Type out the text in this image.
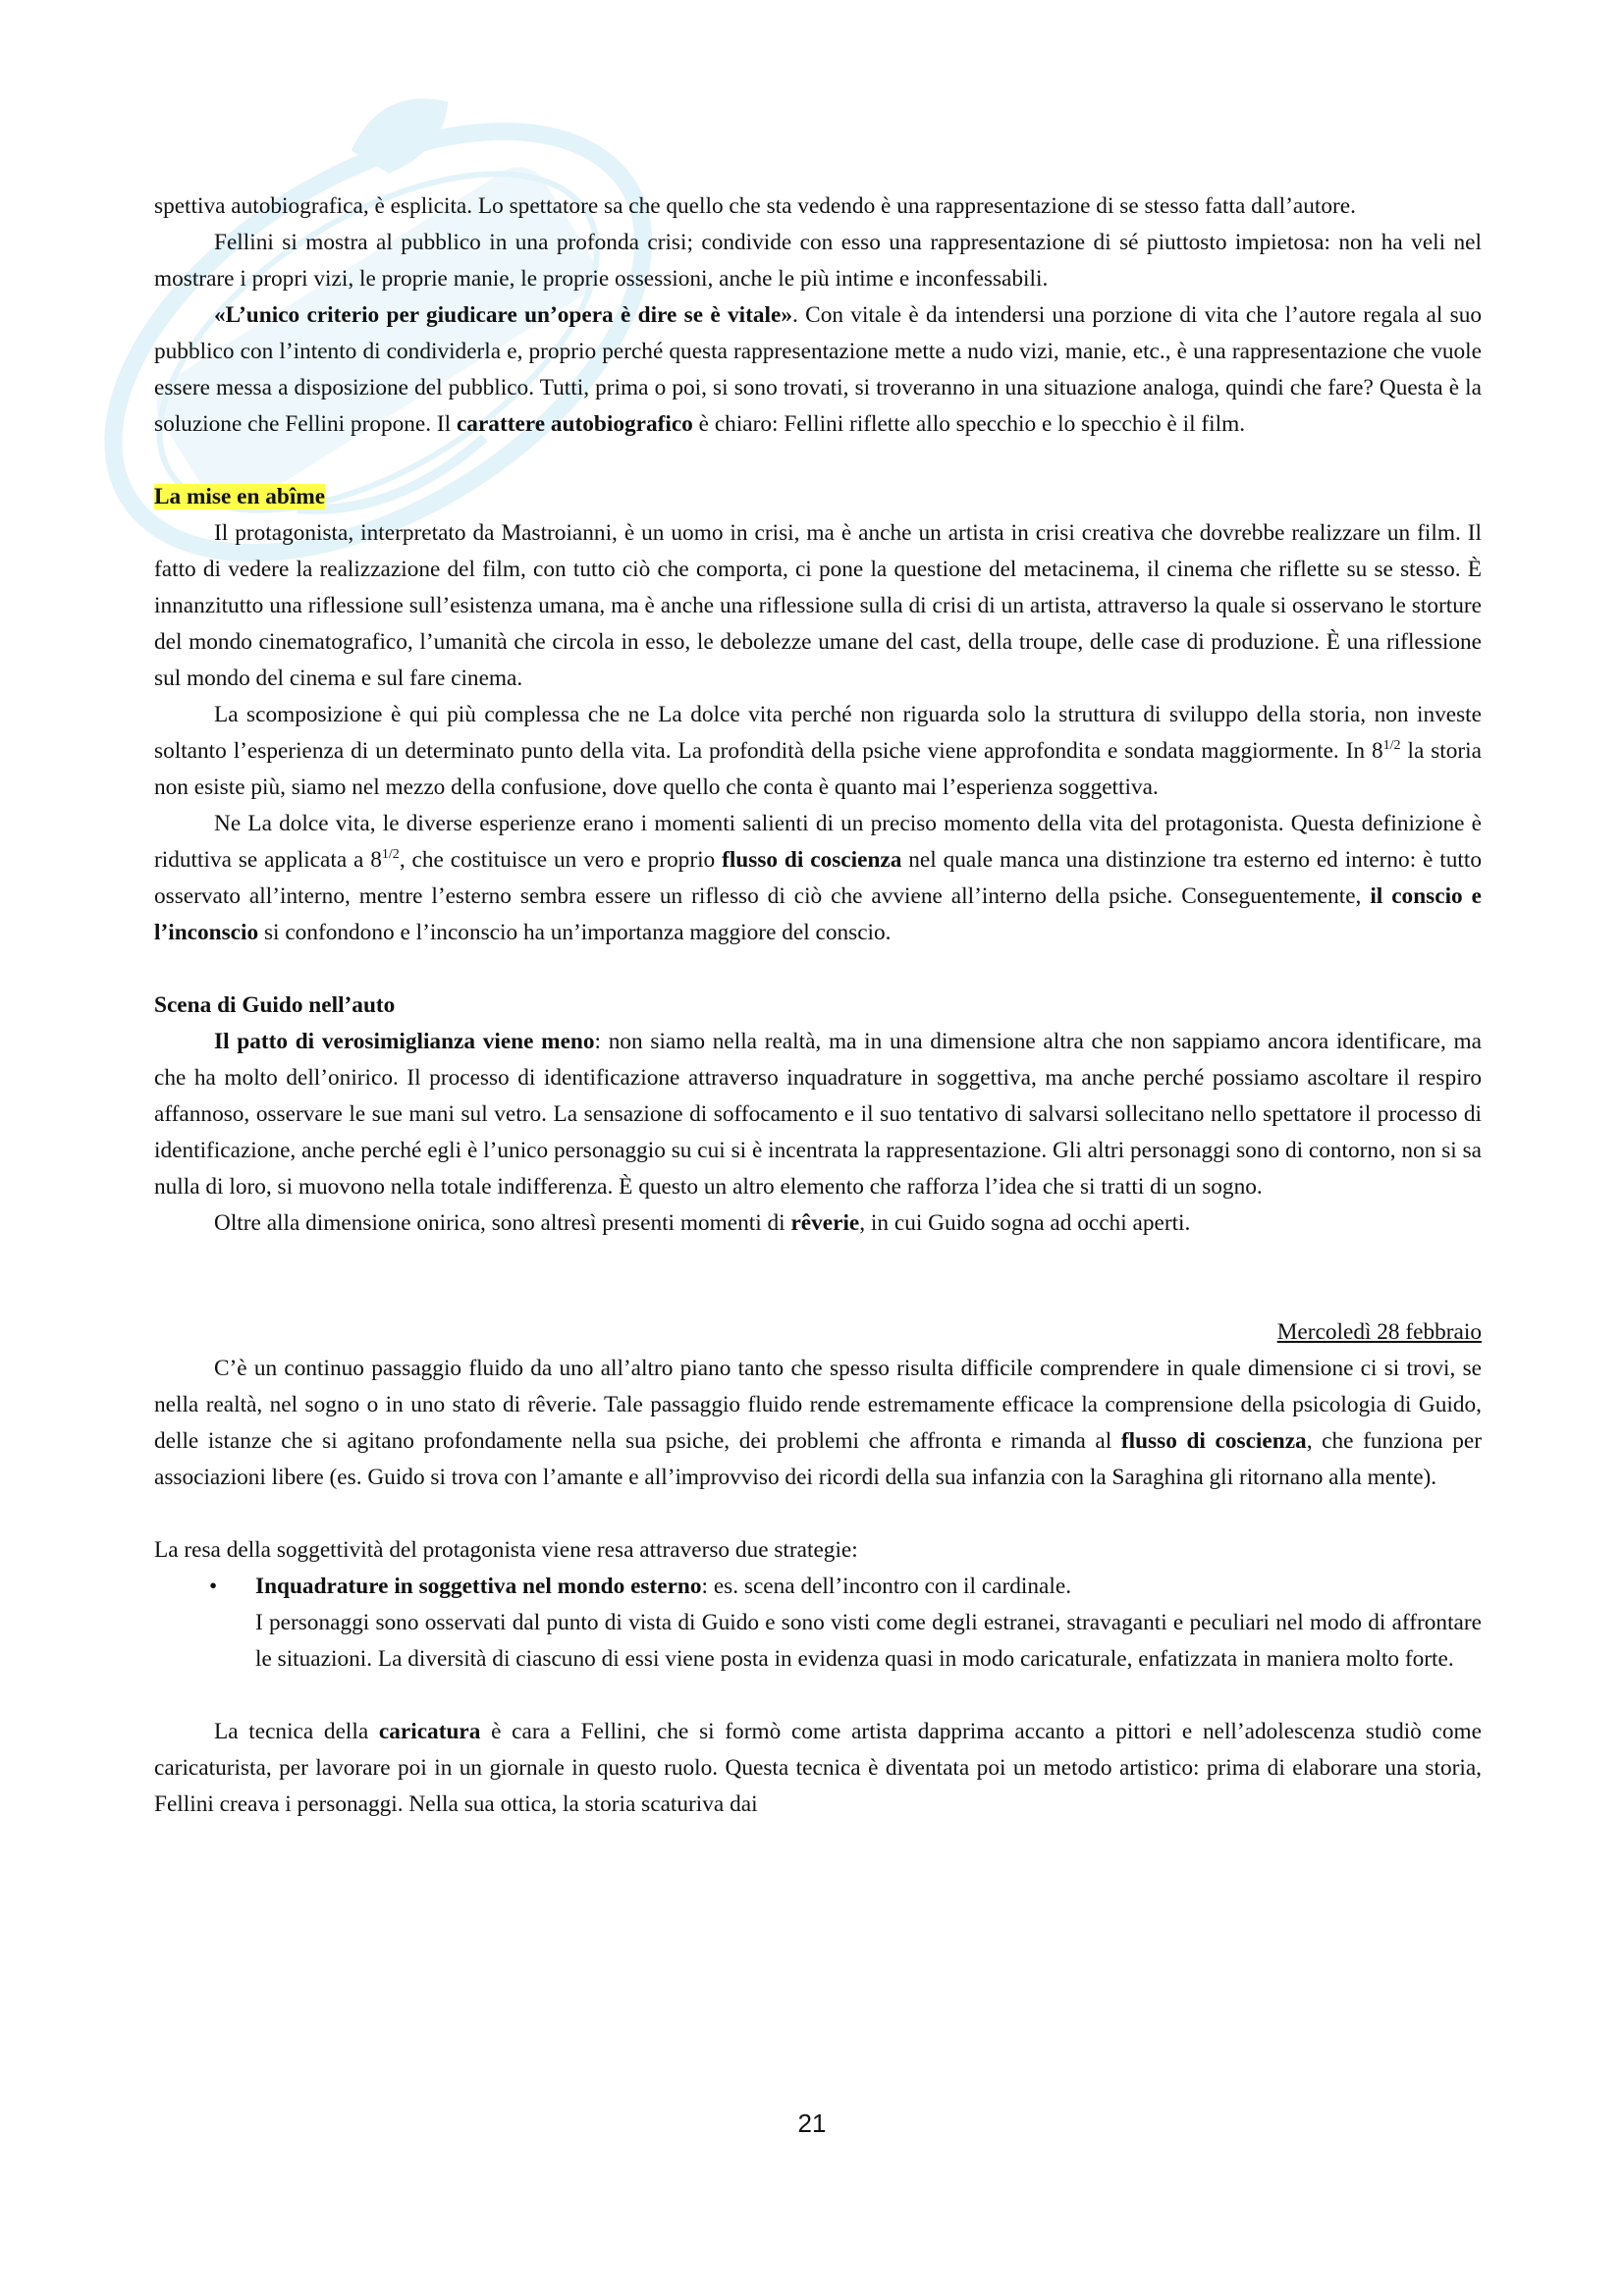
spettiva autobiografica, è esplicita. Lo spettatore sa che quello che sta vedendo è una rappresentazione di se stesso fatta dall’autore.

Fellini si mostra al pubblico in una profonda crisi; condivide con esso una rappresentazione di sé piuttosto impietosa: non ha veli nel mostrare i propri vizi, le proprie manie, le proprie ossessioni, anche le più intime e inconfessabili.

«L’unico criterio per giudicare un’opera è dire se è vitale». Con vitale è da intendersi una porzione di vita che l’autore regala al suo pubblico con l’intento di condividerla e, proprio perché questa rappresentazione mette a nudo vizi, manie, etc., è una rappresentazione che vuole essere messa a disposizione del pubblico. Tutti, prima o poi, si sono trovati, si troveranno in una situazione analoga, quindi che fare? Questa è la soluzione che Fellini propone. Il carattere autobiografico è chiaro: Fellini riflette allo specchio e lo specchio è il film.

La mise en abîme

Il protagonista, interpretato da Mastroianni, è un uomo in crisi, ma è anche un artista in crisi creativa che dovrebbe realizzare un film. Il fatto di vedere la realizzazione del film, con tutto ciò che comporta, ci pone la questione del metacinema, il cinema che riflette su se stesso. È innanzitutto una riflessione sull’esistenza umana, ma è anche una riflessione sulla di crisi di un artista, attraverso la quale si osservano le storture del mondo cinematografico, l’umanità che circola in esso, le debolezze umane del cast, della troupe, delle case di produzione. È una riflessione sul mondo del cinema e sul fare cinema.

La scomposizione è qui più complessa che ne La dolce vita perché non riguarda solo la struttura di sviluppo della storia, non investe soltanto l’esperienza di un determinato punto della vita. La profondità della psiche viene approfondita e sondata maggiormente. In $8^{1/2}$ la storia non esiste più, siamo nel mezzo della confusione, dove quello che conta è quanto mai l’esperienza soggettiva.

Ne La dolce vita, le diverse esperienze erano i momenti salienti di un preciso momento della vita del protagonista. Questa definizione è riduttiva se applicata a $8^{1/2}$, che costituisce un vero e proprio flusso di coscienza nel quale manca una distinzione tra esterno ed interno: è tutto osservato all’interno, mentre l’esterno sembra essere un riflesso di ciò che avviene all’interno della psiche. Conseguentemente, il conscio e l’inconscio si confondono e l’inconscio ha un’importanza maggiore del conscio.

Scena di Guido nell’auto

Il patto di verosimiglianza viene meno: non siamo nella realtà, ma in una dimensione altra che non sappiamo ancora identificare, ma che ha molto dell’onirico. Il processo di identificazione attraverso inquadrature in soggettiva, ma anche perché possiamo ascoltare il respiro affannoso, osservare le sue mani sul vetro. La sensazione di soffocamento e il suo tentativo di salvarsi sollecitano nello spettatore il processo di identificazione, anche perché egli è l’unico personaggio su cui si è incentrata la rappresentazione. Gli altri personaggi sono di contorno, non si sa nulla di loro, si muovono nella totale indifferenza. È questo un altro elemento che rafforza l’idea che si tratti di un sogno.

Oltre alla dimensione onirica, sono altresì presenti momenti di rêverie, in cui Guido sogna ad occhi aperti.

Mercoledì 28 febbraio

C’è un continuo passaggio fluido da uno all’altro piano tanto che spesso risulta difficile comprendere in quale dimensione ci si trovi, se nella realtà, nel sogno o in uno stato di rêverie. Tale passaggio fluido rende estremamente efficace la comprensione della psicologia di Guido, delle istanze che si agitano profondamente nella sua psiche, dei problemi che affronta e rimanda al flusso di coscienza, che funziona per associazioni libere (es. Guido si trova con l’amante e all’improvviso dei ricordi della sua infanzia con la Saraghina gli ritornano alla mente).

La resa della soggettività del protagonista viene resa attraverso due strategie:

• Inquadrature in soggettiva nel mondo esterno: es. scena dell’incontro con il cardinale.

I personaggi sono osservati dal punto di vista di Guido e sono visti come degli estranei, stravaganti e peculiari nel modo di affrontare le situazioni. La diversità di ciascuno di essi viene posta in evidenza quasi in modo caricaturale, enfatizzata in maniera molto forte.

La tecnica della caricatura è cara a Fellini, che si formò come artista dapprima accanto a pittori e nell’adolescenza studiò come caricaturista, per lavorare poi in un giornale in questo ruolo. Questa tecnica è diventata poi un metodo artistico: prima di elaborare una storia, Fellini creava i personaggi. Nella sua ottica, la storia scaturiva dai

21
